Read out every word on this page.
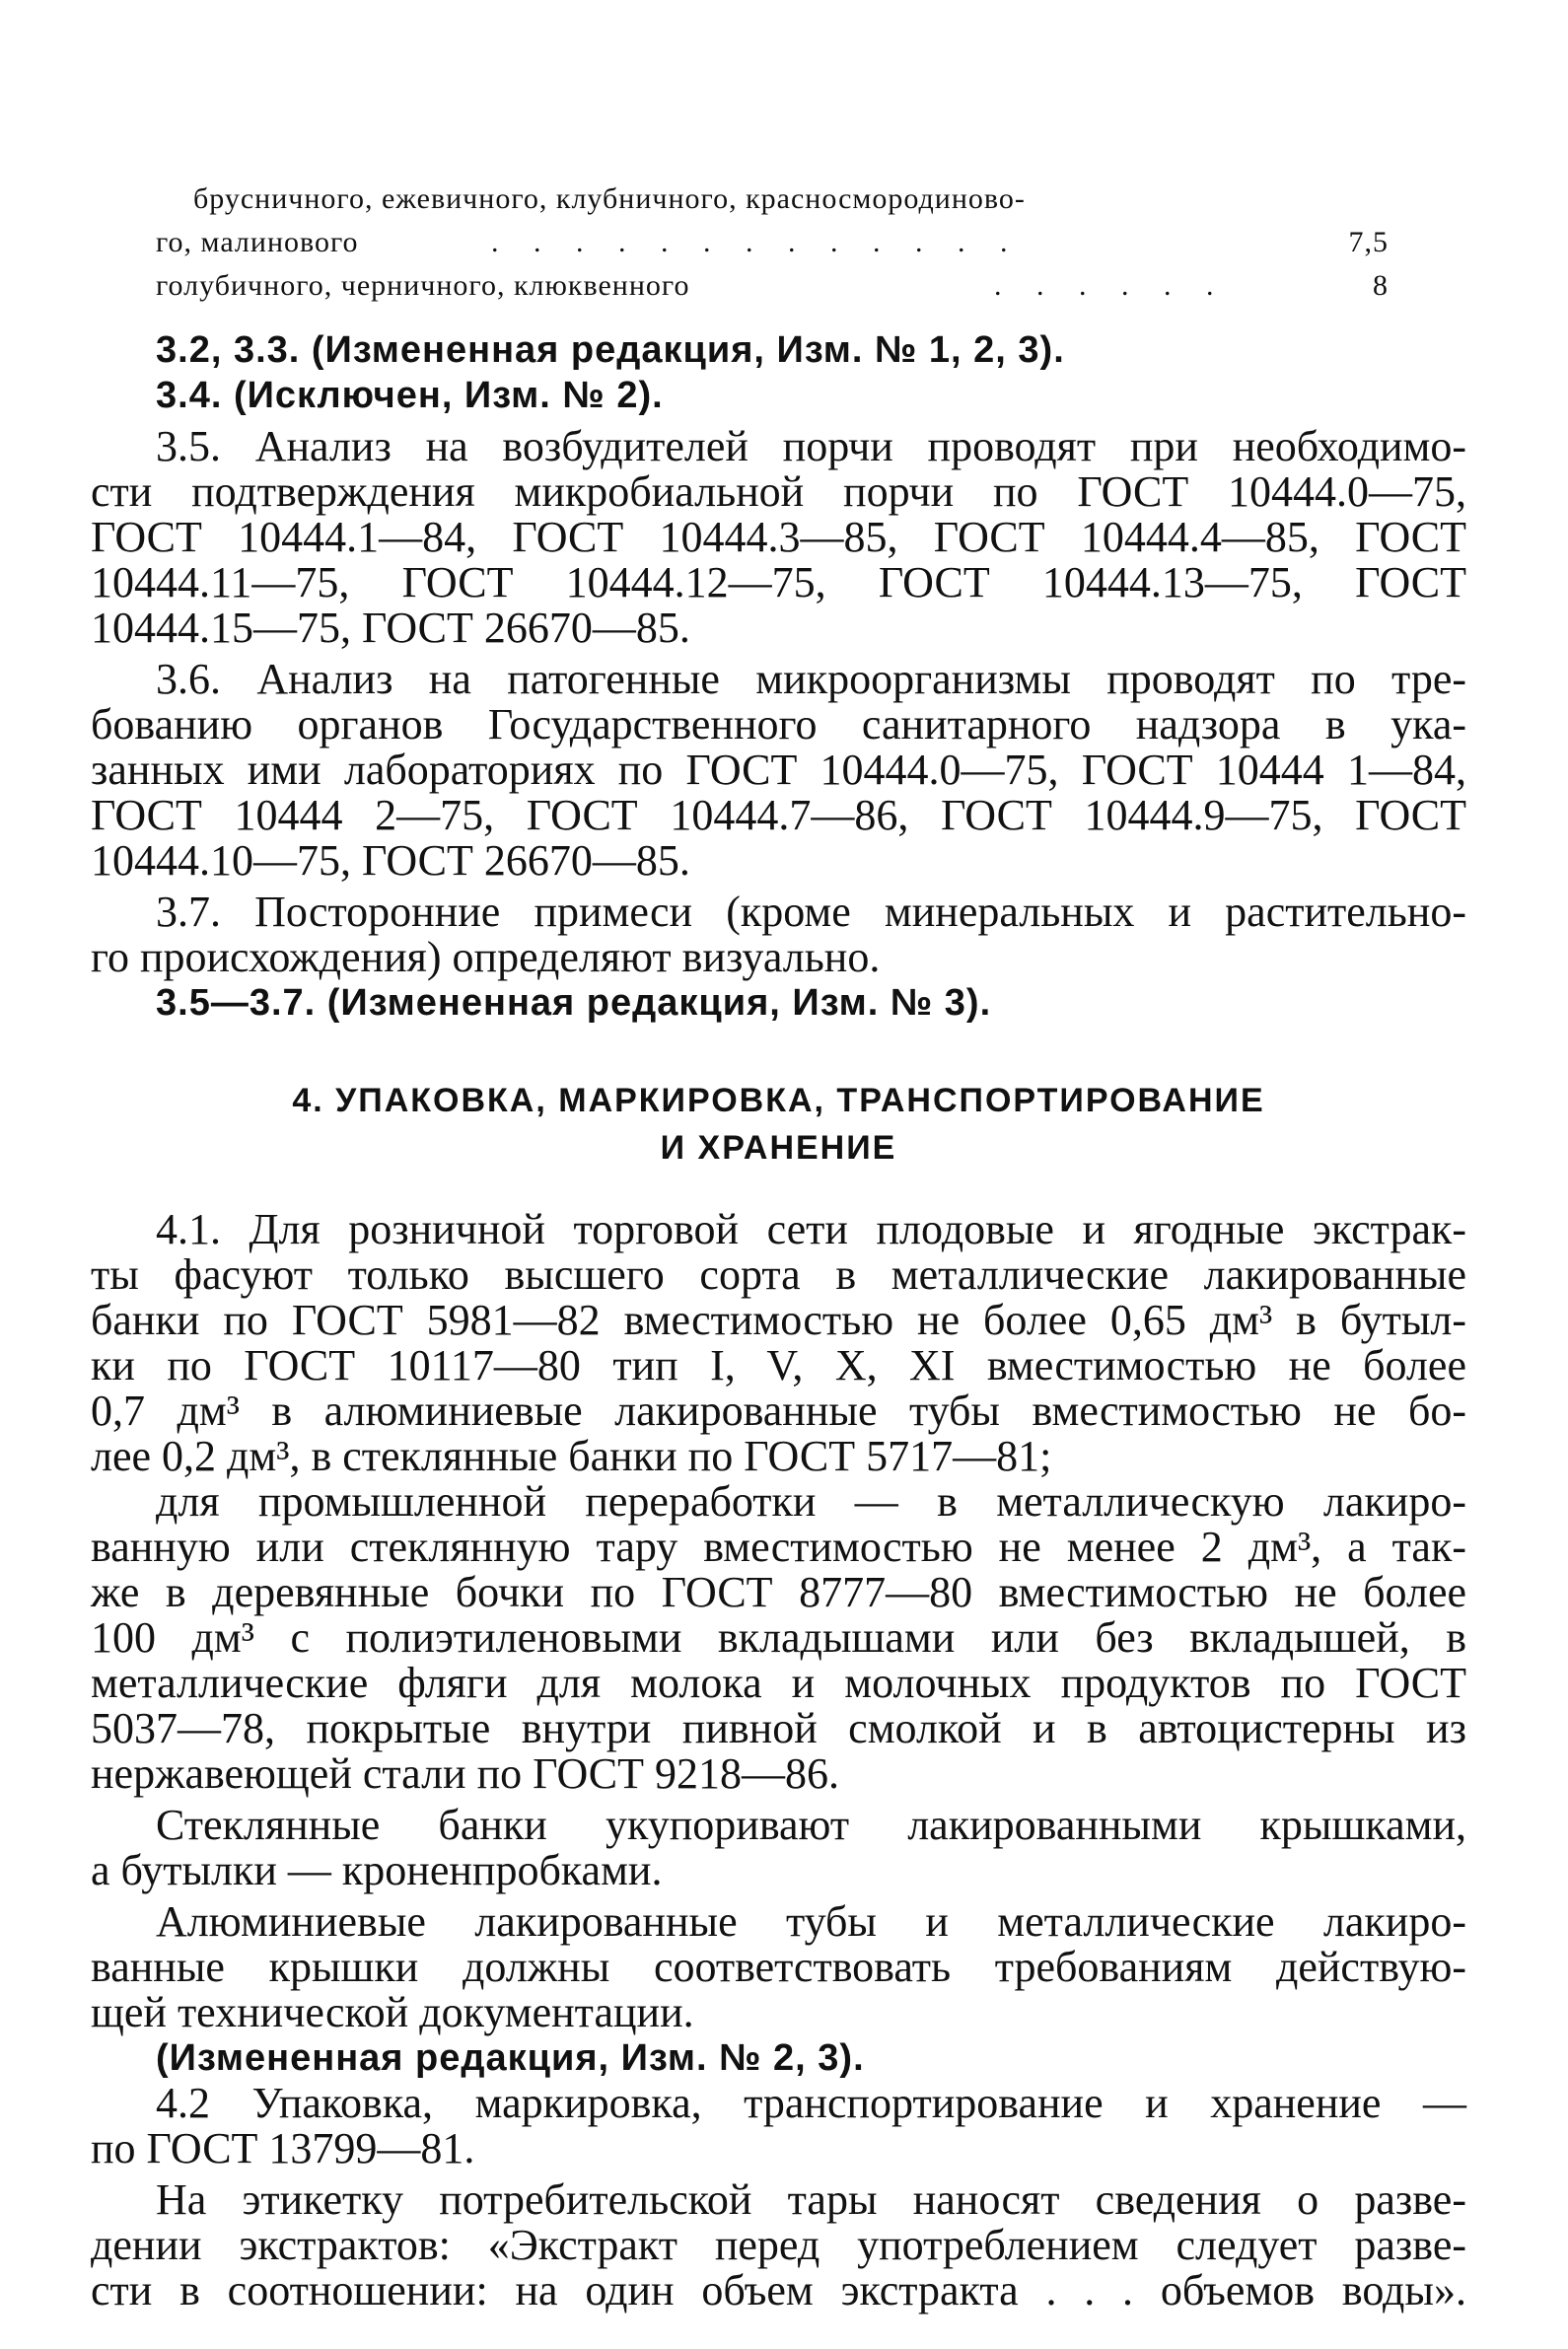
брусничного, ежевичного, клубничного, красносмородиново-
го, малинового	. . . . . . . . . . . . .	7,5
голубичного, черничного, клюквенного	. . . . . .	8

3.2, 3.3. (Измененная редакция, Изм. № 1, 2, 3).

3.4. (Исключен, Изм. № 2).

3.5. Анализ на возбудителей порчи проводят при необходимо-
сти подтверждения микробиальной порчи по ГОСТ 10444.0—75,
ГОСТ 10444.1—84, ГОСТ 10444.3—85, ГОСТ 10444.4—85, ГОСТ
10444.11—75, ГОСТ 10444.12—75, ГОСТ 10444.13—75, ГОСТ
10444.15—75, ГОСТ 26670—85.

3.6. Анализ на патогенные микроорганизмы проводят по тре-
бованию органов Государственного санитарного надзора в ука-
занных ими лабораториях по ГОСТ 10444.0—75, ГОСТ 10444 1—84,
ГОСТ 10444 2—75, ГОСТ 10444.7—86, ГОСТ 10444.9—75, ГОСТ
10444.10—75, ГОСТ 26670—85.

3.7. Посторонние примеси (кроме минеральных и растительно-
го происхождения) определяют визуально.

3.5—3.7. (Измененная редакция, Изм. № 3).

4. УПАКОВКА, МАРКИРОВКА, ТРАНСПОРТИРОВАНИЕ
И ХРАНЕНИЕ

4.1. Для розничной торговой сети плодовые и ягодные экстрак-
ты фасуют только высшего сорта в металлические лакированные
банки по ГОСТ 5981—82 вместимостью не более 0,65 дм³ в бутыл-
ки по ГОСТ 10117—80 тип I, V, X, XI вместимостью не более
0,7 дм³ в алюминиевые лакированные тубы вместимостью не бо-
лее 0,2 дм³, в стеклянные банки по ГОСТ 5717—81;

для промышленной переработки — в металлическую лакиро-
ванную или стеклянную тару вместимостью не менее 2 дм³, а так-
же в деревянные бочки по ГОСТ 8777—80 вместимостью не более
100 дм³ с полиэтиленовыми вкладышами или без вкладышей, в
металлические фляги для молока и молочных продуктов по ГОСТ
5037—78, покрытые внутри пивной смолкой и в автоцистерны из
нержавеющей стали по ГОСТ 9218—86.

Стеклянные банки укупоривают лакированными крышками,
а бутылки — кроненпробками.

Алюминиевые лакированные тубы и металлические лакиро-
ванные крышки должны соответствовать требованиям действую-
щей технической документации.

(Измененная редакция, Изм. № 2, 3).

4.2 Упаковка, маркировка, транспортирование и хранение —
по ГОСТ 13799—81.

На этикетку потребительской тары наносят сведения о разве-
дении экстрактов: «Экстракт перед употреблением следует разве-
сти в соотношении: на один объем экстракта . . . объемов воды».
